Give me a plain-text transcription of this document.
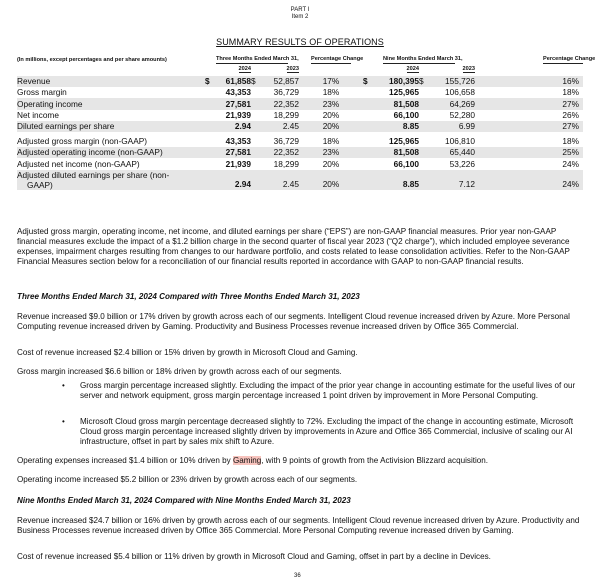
PART I
Item 2
SUMMARY RESULTS OF OPERATIONS
(In millions, except percentages and per share amounts)	Three Months Ended March 31,				Percentage Change	Nine Months Ended March 31,				Percentage Change
	2024		2023			2024		2023		
Revenue	$	61,858	$	52,857	17%	$	180,395	$	155,726	16%
Gross margin		43,353		36,729	18%		125,965		106,658	18%
Operating income		27,581		22,352	23%		81,508		64,269	27%
Net income		21,939		18,299	20%		66,100		52,280	26%
Diluted earnings per share		2.94		2.45	20%		8.85		6.99	27%

Adjusted gross margin (non-GAAP)		43,353		36,729	18%		125,965		106,810	18%
Adjusted operating income (non-GAAP)		27,581		22,352	23%		81,508		65,440	25%
Adjusted net income (non-GAAP)		21,939		18,299	20%		66,100		53,226	24%

Adjusted diluted earnings per share (non-
GAAP)		2.94		2.45	20%		8.85		7.12	24%

Adjusted gross margin, operating income, net income, and diluted earnings per share (“EPS”) are non-GAAP financial measures. Prior year non-GAAP financial measures exclude the impact of a $1.2 billion charge in the second quarter of fiscal year 2023 (“Q2 charge”), which included employee severance expenses, impairment charges resulting from changes to our hardware portfolio, and costs related to lease consolidation activities. Refer to the Non-GAAP Financial Measures section below for a reconciliation of our financial results reported in accordance with GAAP to non-GAAP financial results.

Three Months Ended March 31, 2024 Compared with Three Months Ended March 31, 2023

Revenue increased $9.0 billion or 17% driven by growth across each of our segments. Intelligent Cloud revenue increased driven by Azure. More Personal Computing revenue increased driven by Gaming. Productivity and Business Processes revenue increased driven by Office 365 Commercial.

Cost of revenue increased $2.4 billion or 15% driven by growth in Microsoft Cloud and Gaming.

Gross margin increased $6.6 billion or 18% driven by growth across each of our segments.

• Gross margin percentage increased slightly. Excluding the impact of the prior year change in accounting estimate for the useful lives of our server and network equipment, gross margin percentage increased 1 point driven by improvement in More Personal Computing.

• Microsoft Cloud gross margin percentage decreased slightly to 72%. Excluding the impact of the change in accounting estimate, Microsoft Cloud gross margin percentage increased slightly driven by improvements in Azure and Office 365 Commercial, inclusive of scaling our AI infrastructure, offset in part by sales mix shift to Azure.

Operating expenses increased $1.4 billion or 10% driven by Gaming, with 9 points of growth from the Activision Blizzard acquisition.

Operating income increased $5.2 billion or 23% driven by growth across each of our segments.

Nine Months Ended March 31, 2024 Compared with Nine Months Ended March 31, 2023

Revenue increased $24.7 billion or 16% driven by growth across each of our segments. Intelligent Cloud revenue increased driven by Azure. Productivity and Business Processes revenue increased driven by Office 365 Commercial. More Personal Computing revenue increased driven by Gaming.

Cost of revenue increased $5.4 billion or 11% driven by growth in Microsoft Cloud and Gaming, offset in part by a decline in Devices.

36
